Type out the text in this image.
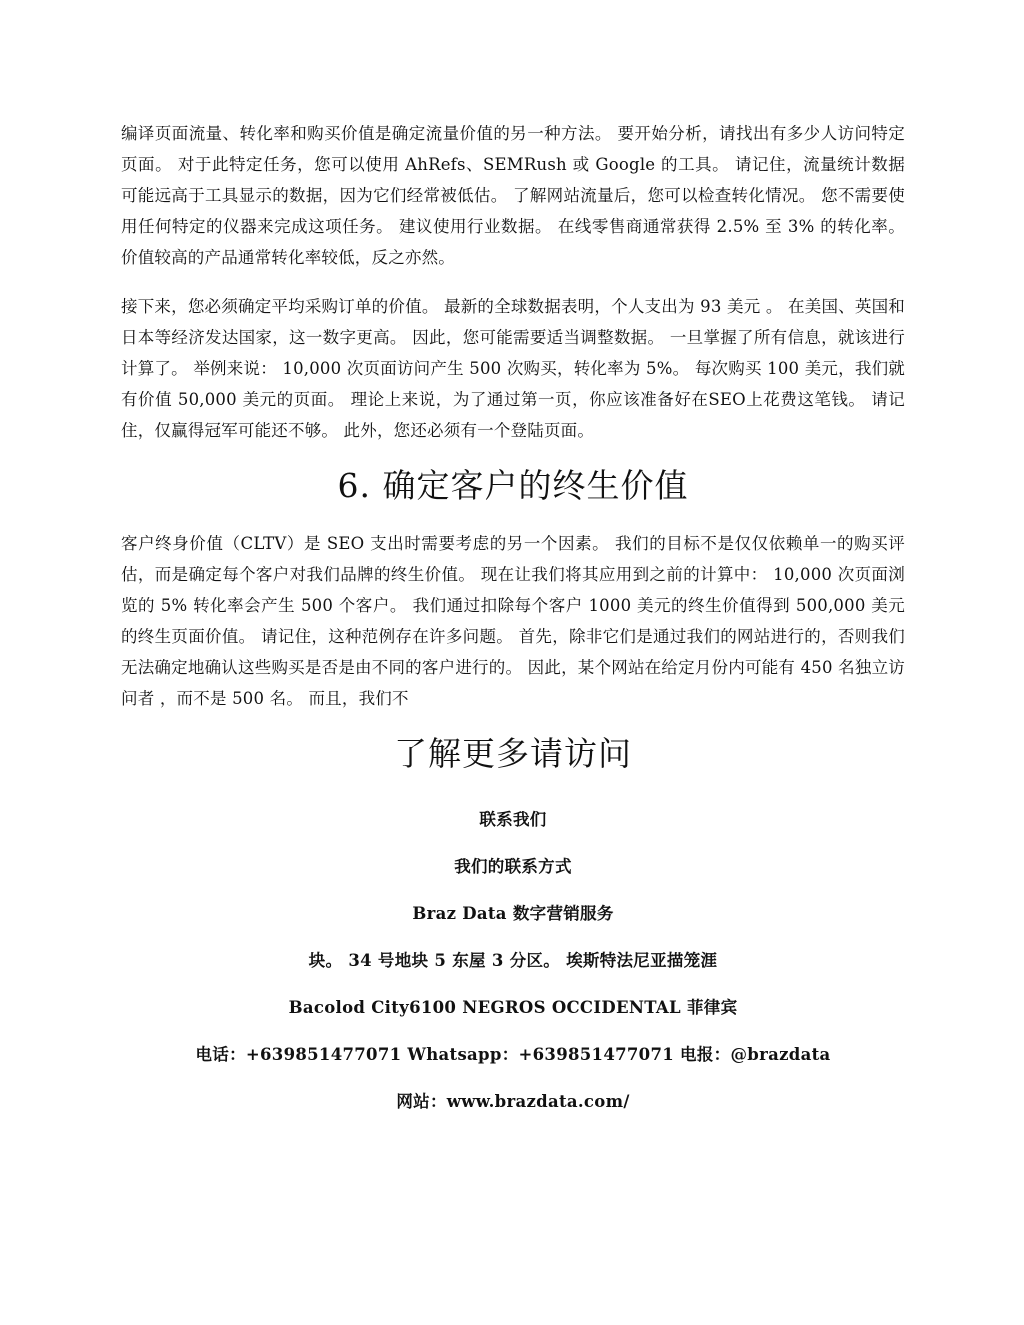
编译页面流量、转化率和购买价值是确定流量价值的另一种方法。 要开始分析，请找出有多少人访问特定页面。 对于此特定任务，您可以使用 AhRefs、SEMRush 或 Google 的工具。 请记住，流量统计数据可能远高于工具显示的数据，因为它们经常被低估。 了解网站流量后，您可以检查转化情况。 您不需要使用任何特定的仪器来完成这项任务。 建议使用行业数据。 在线零售商通常获得 2.5% 至 3% 的转化率。 价值较高的产品通常转化率较低，反之亦然。

接下来，您必须确定平均采购订单的价值。 最新的全球数据表明，个人支出为 93 美元 。 在美国、英国和日本等经济发达国家，这一数字更高。 因此，您可能需要适当调整数据。 一旦掌握了所有信息，就该进行计算了。 举例来说： 10,000 次页面访问产生 500 次购买，转化率为 5%。 每次购买 100 美元，我们就有价值 50,000 美元的页面。 理论上来说，为了通过第一页，你应该准备好在SEO上花费这笔钱。 请记住，仅赢得冠军可能还不够。 此外，您还必须有一个登陆页面。

6. 确定客户的终生价值

客户终身价值（CLTV）是 SEO 支出时需要考虑的另一个因素。 我们的目标不是仅仅依赖单一的购买评估，而是确定每个客户对我们品牌的终生价值。 现在让我们将其应用到之前的计算中： 10,000 次页面浏览的 5% 转化率会产生 500 个客户。 我们通过扣除每个客户 1000 美元的终生价值得到 500,000 美元的终生页面价值。 请记住，这种范例存在许多问题。 首先，除非它们是通过我们的网站进行的，否则我们无法确定地确认这些购买是否是由不同的客户进行的。 因此，某个网站在给定月份内可能有 450 名独立访问者 ，而不是 500 名。 而且，我们不

了解更多请访问

联系我们

我们的联系方式

Braz Data 数字营销服务

块。 34 号地块 5 东屋 3 分区。 埃斯特法尼亚描笼涯

Bacolod City6100 NEGROS OCCIDENTAL 菲律宾

电话：+639851477071 Whatsapp：+639851477071 电报：@brazdata

网站：www.brazdata.com/
